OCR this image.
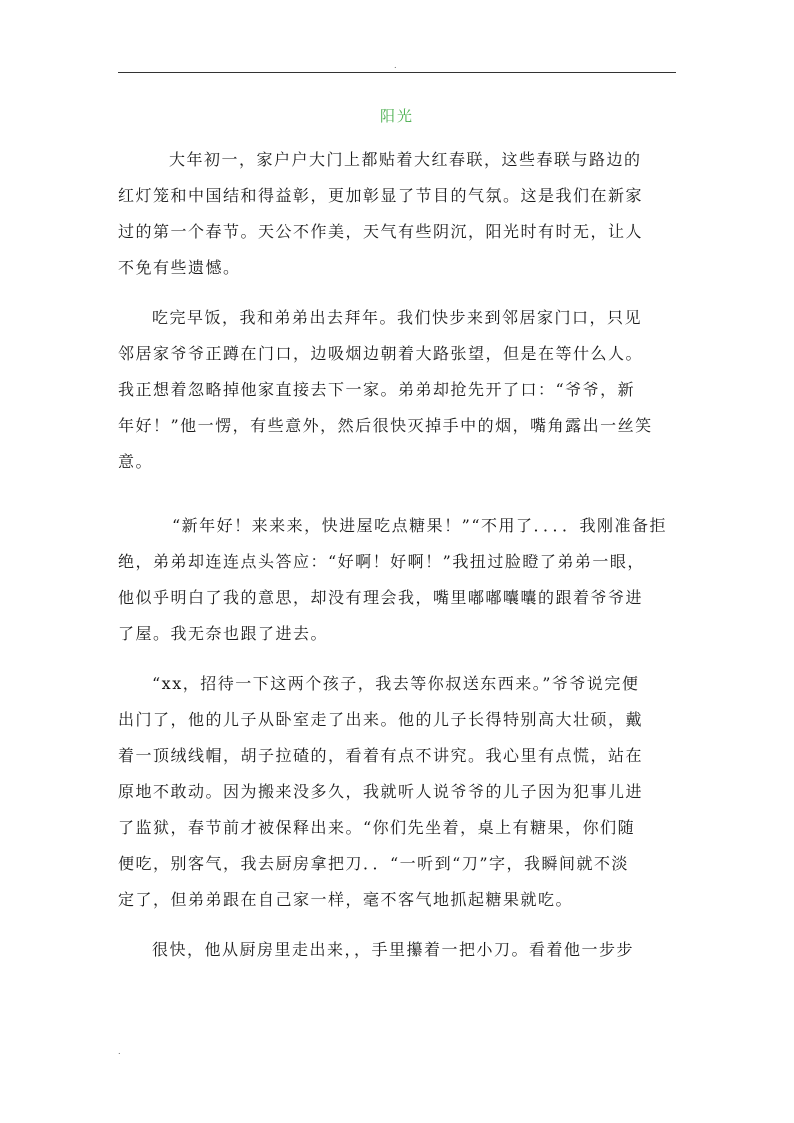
.
阳光
大年初一，家户户大门上都贴着大红春联，这些春联与路边的
红灯笼和中国结和得益彰，更加彰显了节目的气氛。这是我们在新家
过的第一个春节。天公不作美，天气有些阴沉，阳光时有时无，让人
不免有些遗憾。
吃完早饭，我和弟弟出去拜年。我们快步来到邻居家门口，只见
邻居家爷爷正蹲在门口，边吸烟边朝着大路张望，但是在等什么人。
我正想着忽略掉他家直接去下一家。弟弟却抢先开了口：“爷爷，新
年好！”他一愣，有些意外，然后很快灭掉手中的烟，嘴角露出一丝笑
意。
“新年好！来来来，快进屋吃点糖果！”“不用了．．．．我刚准备拒
绝，弟弟却连连点头答应：“好啊！好啊！”我扭过脸瞪了弟弟一眼，
他似乎明白了我的意思，却没有理会我，嘴里嘟嘟囔囔的跟着爷爷进
了屋。我无奈也跟了进去。
“xx，招待一下这两个孩子，我去等你叔送东西来。”爷爷说完便
出门了，他的儿子从卧室走了出来。他的儿子长得特别高大壮硕，戴
着一顶绒线帽，胡子拉碴的，看着有点不讲究。我心里有点慌，站在
原地不敢动。因为搬来没多久，我就听人说爷爷的儿子因为犯事儿进
了监狱，春节前才被保释出来。“你们先坐着，桌上有糖果，你们随
便吃，别客气，我去厨房拿把刀．．“一听到“刀”字，我瞬间就不淡
定了，但弟弟跟在自己家一样，毫不客气地抓起糖果就吃。
很快，他从厨房里走出来，，手里攥着一把小刀。看着他一步步
.
